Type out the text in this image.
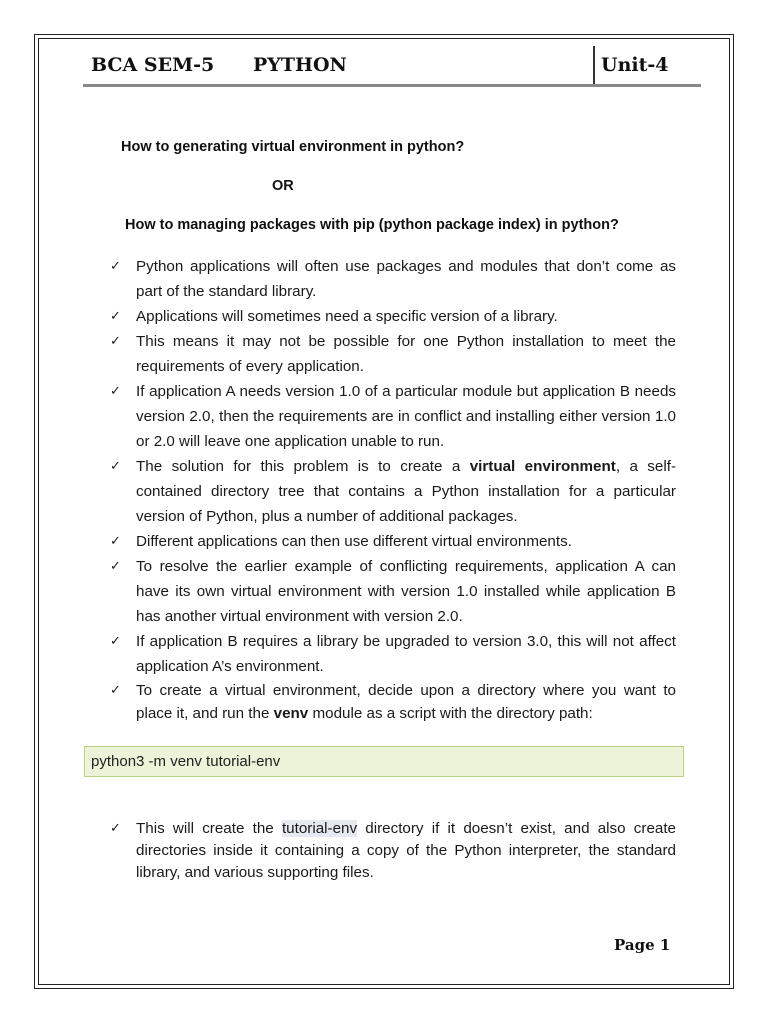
BCA SEM-5 PYTHON	Unit-4
How to generating virtual environment in python?
OR
How to managing packages with pip (python package index) in python?
✓ Python applications will often use packages and modules that don’t come as part of the standard library.
✓ Applications will sometimes need a specific version of a library.
✓ This means it may not be possible for one Python installation to meet the requirements of every application.
✓ If application A needs version 1.0 of a particular module but application B needs version 2.0, then the requirements are in conflict and installing either version 1.0 or 2.0 will leave one application unable to run.
✓ The solution for this problem is to create a virtual environment, a self-contained directory tree that contains a Python installation for a particular version of Python, plus a number of additional packages.
✓ Different applications can then use different virtual environments.
✓ To resolve the earlier example of conflicting requirements, application A can have its own virtual environment with version 1.0 installed while application B has another virtual environment with version 2.0.
✓ If application B requires a library be upgraded to version 3.0, this will not affect application A’s environment.
✓ To create a virtual environment, decide upon a directory where you want to place it, and run the venv module as a script with the directory path:
python3 -m venv tutorial-env
✓ This will create the tutorial-env directory if it doesn’t exist, and also create directories inside it containing a copy of the Python interpreter, the standard library, and various supporting files.
Page 1
